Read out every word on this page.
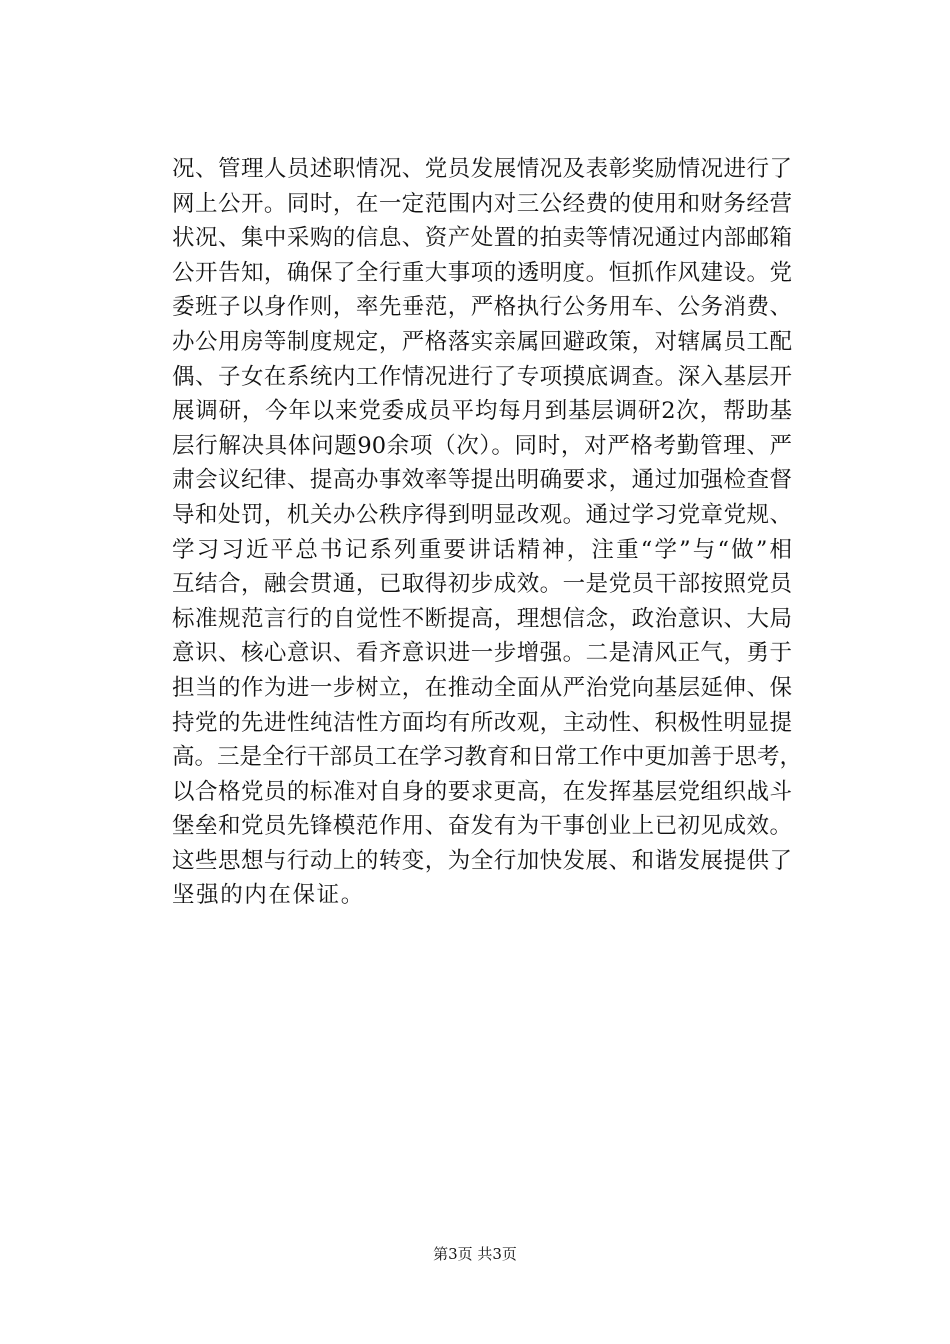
况、管理人员述职情况、党员发展情况及表彰奖励情况进行了
网上公开。同时，在一定范围内对三公经费的使用和财务经营
状况、集中采购的信息、资产处置的拍卖等情况通过内部邮箱
公开告知，确保了全行重大事项的透明度。恒抓作风建设。党
委班子以身作则，率先垂范，严格执行公务用车、公务消费、
办公用房等制度规定，严格落实亲属回避政策，对辖属员工配
偶、子女在系统内工作情况进行了专项摸底调查。深入基层开
展调研，今年以来党委成员平均每月到基层调研2次，帮助基
层行解决具体问题90余项（次）。同时，对严格考勤管理、严
肃会议纪律、提高办事效率等提出明确要求，通过加强检查督
导和处罚，机关办公秩序得到明显改观。通过学习党章党规、
学习习近平总书记系列重要讲话精神，注重“学”与“做”相
互结合，融会贯通，已取得初步成效。一是党员干部按照党员
标准规范言行的自觉性不断提高，理想信念，政治意识、大局
意识、核心意识、看齐意识进一步增强。二是清风正气，勇于
担当的作为进一步树立，在推动全面从严治党向基层延伸、保
持党的先进性纯洁性方面均有所改观，主动性、积极性明显提
高。三是全行干部员工在学习教育和日常工作中更加善于思考，
以合格党员的标准对自身的要求更高，在发挥基层党组织战斗
堡垒和党员先锋模范作用、奋发有为干事创业上已初见成效。
这些思想与行动上的转变，为全行加快发展、和谐发展提供了
坚强的内在保证。
第3页 共3页
